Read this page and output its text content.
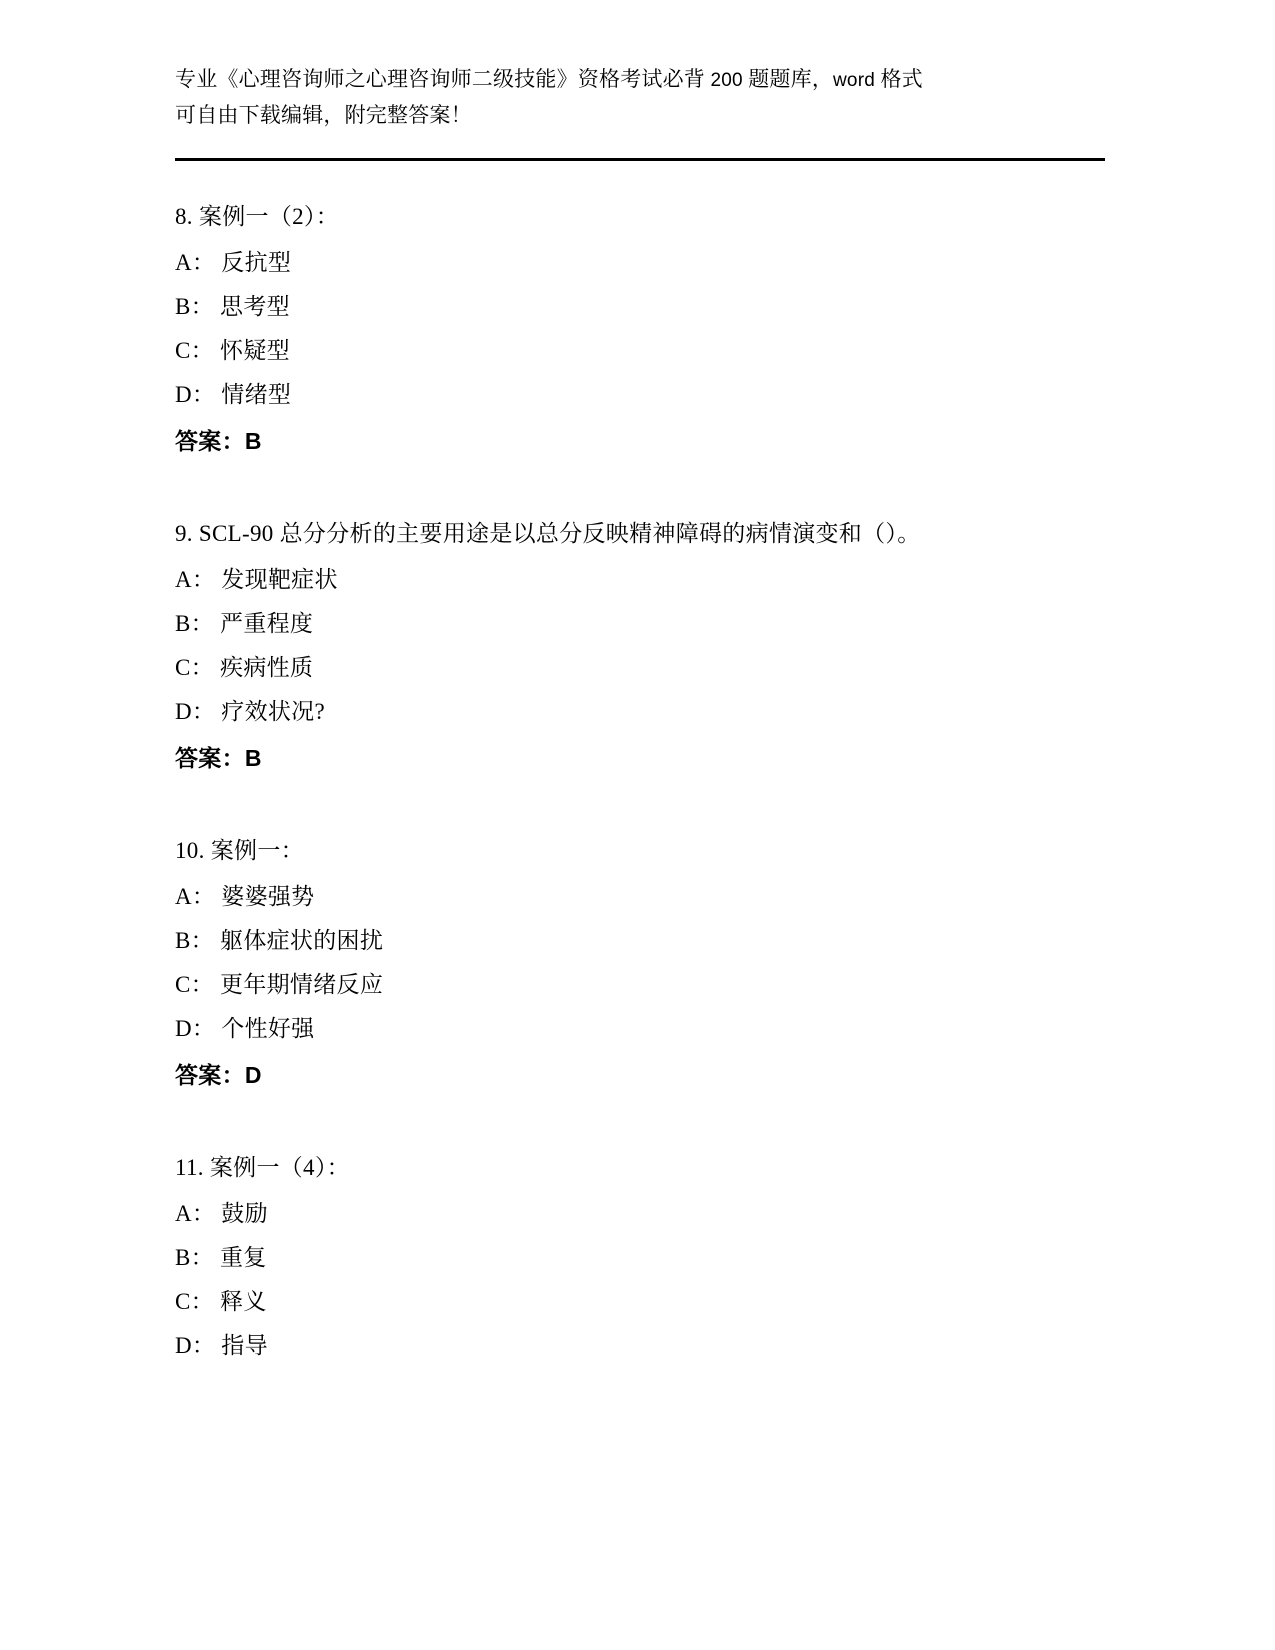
专业《心理咨询师之心理咨询师二级技能》资格考试必背 200 题题库，word 格式
可自由下载编辑，附完整答案！

8. 案例一（2）：

A： 反抗型

B： 思考型

C： 怀疑型

D： 情绪型

答案：B

9. SCL-90 总分分析的主要用途是以总分反映精神障碍的病情演变和（）。

A： 发现靶症状

B： 严重程度

C： 疾病性质

D： 疗效状况?

答案：B

10. 案例一：

A： 婆婆强势

B： 躯体症状的困扰

C： 更年期情绪反应

D： 个性好强

答案：D

11. 案例一（4）：

A： 鼓励

B： 重复

C： 释义

D： 指导
